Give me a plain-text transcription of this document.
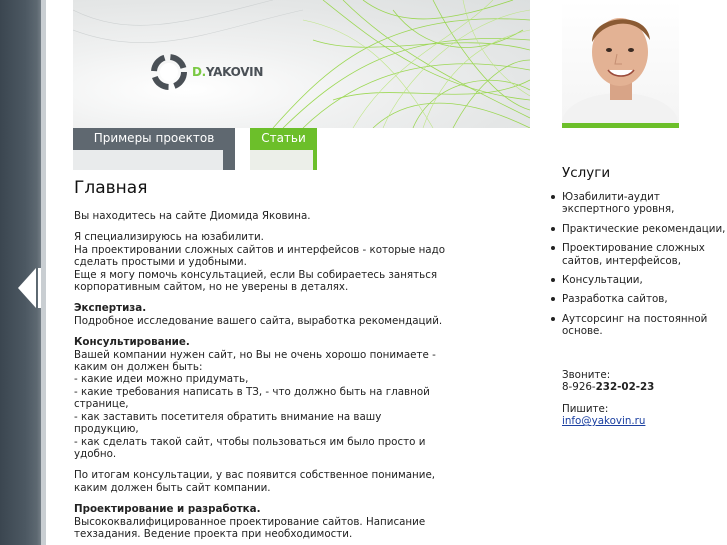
D.YAKOVIN
Примеры проектов	Статьи
Главная

Вы находитесь на сайте Диомида Яковина.

Я специализируюсь на юзабилити.
На проектировании сложных сайтов и интерфейсов - которые надо сделать простыми и удобными.
Еще я могу помочь консультацией, если Вы собираетесь заняться корпоративным сайтом, но не уверены в деталях.

Экспертиза.
Подробное исследование вашего сайта, выработка рекомендаций.

Консультирование.
Вашей компании нужен сайт, но Вы не очень хорошо понимаете - каким он должен быть:
- какие идеи можно придумать,
- какие требования написать в ТЗ, - что должно быть на главной странице,
- как заставить посетителя обратить внимание на вашу продукцию,
- как сделать такой сайт, чтобы пользоваться им было просто и удобно.

По итогам консультации, у вас появится собственное понимание, каким должен быть сайт компании.

Проектирование и разработка.
Высококвалифицированное проектирование сайтов. Написание техзадания. Ведение проекта при необходимости.

Услуги
Юзабилити-аудит экспертного уровня,
Практические рекомендации,
Проектирование сложных сайтов, интерфейсов,
Консультации,
Разработка сайтов,
Аутсорсинг на постоянной основе.

Звоните:
8-926-232-02-23

Пишите:
info@yakovin.ru
